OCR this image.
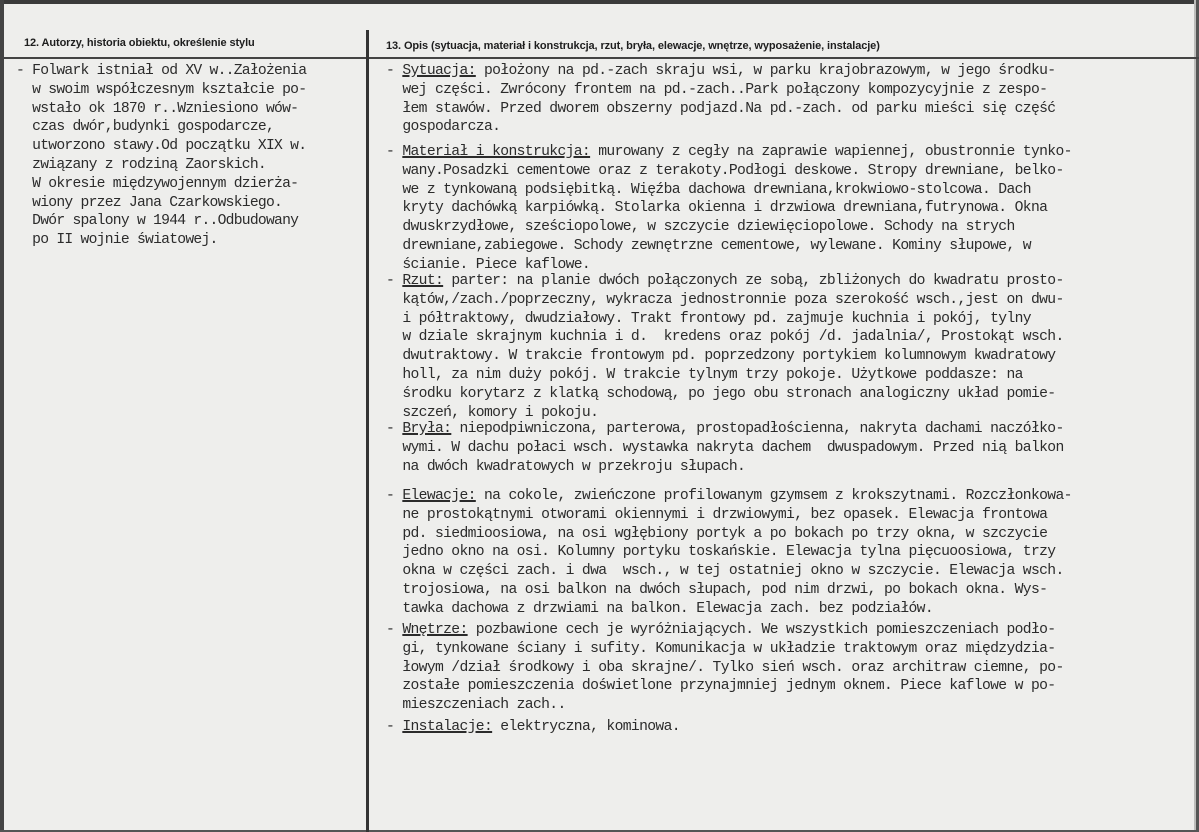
12. Autorzy, historia obiektu, określenie stylu	13. Opis (sytuacja, materiał i konstrukcja, rzut, bryła, elewacje, wnętrze, wyposażenie, instalacje)
- Folwark istniał od XV w..Założenia
w swoim współczesnym kształcie po-
wstało ok 1870 r..Wzniesiono wów-
czas dwór,budynki gospodarcze,
utworzono stawy.Od początku XIX w.
związany z rodziną Zaorskich.
W okresie międzywojennym dzierża-
wiony przez Jana Czarkowskiego.
Dwór spalony w 1944 r..Odbudowany
po II wojnie światowej.
- Sytuacja: położony na pd.-zach skraju wsi, w parku krajobrazowym, w jego środku-
wej części. Zwrócony frontem na pd.-zach..Park połączony kompozycyjnie z zespo-
łem stawów. Przed dworem obszerny podjazd.Na pd.-zach. od parku mieści się część
gospodarcza.
- Materiał i konstrukcja: murowany z cegły na zaprawie wapiennej, obustronnie tynko-
wany.Posadzki cementowe oraz z terakoty.Podłogi deskowe. Stropy drewniane, belko-
we z tynkowaną podsiębitką. Więźba dachowa drewniana,krokwiowo-stolcowa. Dach
kryty dachówką karpiówką. Stolarka okienna i drzwiowa drewniana,futrynowa. Okna
dwuskrzydłowe, sześciopolowe, w szczycie dziewięciopolowe. Schody na strych
drewniane,zabiegowe. Schody zewnętrzne cementowe, wylewane. Kominy słupowe, w
ścianie. Piece kaflowe.
- Rzut: parter: na planie dwóch połączonych ze sobą, zbliżonych do kwadratu prosto-
kątów,/zach./poprzeczny, wykracza jednostronnie poza szerokość wsch.,jest on dwu-
i półtraktowy, dwudziałowy. Trakt frontowy pd. zajmuje kuchnia i pokój, tylny
w dziale skrajnym kuchnia i d.  kredens oraz pokój /d. jadalnia/, Prostokąt wsch.
dwutraktowy. W trakcie frontowym pd. poprzedzony portykiem kolumnowym kwadratowy
holl, za nim duży pokój. W trakcie tylnym trzy pokoje. Użytkowe poddasze: na
środku korytarz z klatką schodową, po jego obu stronach analogiczny układ pomie-
szczeń, komory i pokoju.
- Bryła: niepodpiwniczona, parterowa, prostopadłościenna, nakryta dachami naczółko-
wymi. W dachu połaci wsch. wystawka nakryta dachem  dwuspadowym. Przed nią balkon
na dwóch kwadratowych w przekroju słupach.
- Elewacje: na cokole, zwieńczone profilowanym gzymsem z krokszytnami. Rozczłonkowa-
ne prostokątnymi otworami okiennymi i drzwiowymi, bez opasek. Elewacja frontowa
pd. siedmioosiowa, na osi wgłębiony portyk a po bokach po trzy okna, w szczycie
jedno okno na osi. Kolumny portyku toskańskie. Elewacja tylna pięcuoosiowa, trzy
okna w części zach. i dwa  wsch., w tej ostatniej okno w szczycie. Elewacja wsch.
trojosiowa, na osi balkon na dwóch słupach, pod nim drzwi, po bokach okna. Wys-
tawka dachowa z drzwiami na balkon. Elewacja zach. bez podziałów.
- Wnętrze: pozbawione cech je wyróżniających. We wszystkich pomieszczeniach podło-
gi, tynkowane ściany i sufity. Komunikacja w układzie traktowym oraz międzydzia-
łowym /dział środkowy i oba skrajne/. Tylko sień wsch. oraz architraw ciemne, po-
zostałe pomieszczenia doświetlone przynajmniej jednym oknem. Piece kaflowe w po-
mieszczeniach zach..
- Instalacje: elektryczna, kominowa.
